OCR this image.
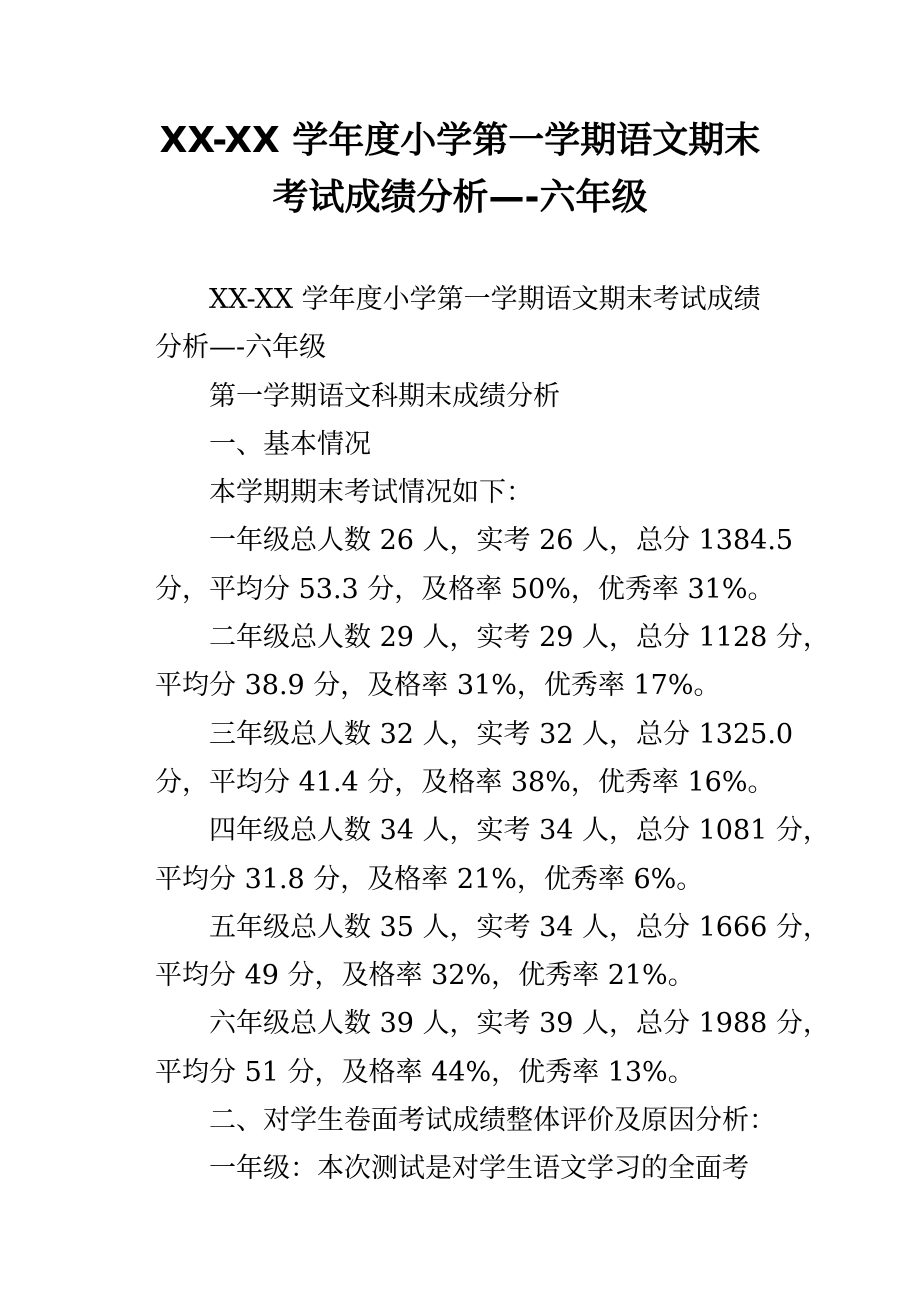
XX-XX 学年度小学第一学期语文期末
考试成绩分析—-六年级
XX-XX 学年度小学第一学期语文期末考试成绩
分析—-六年级
第一学期语文科期末成绩分析
一、基本情况
本学期期末考试情况如下：
一年级总人数 26 人，实考 26 人，总分 1384.5
分，平均分 53.3 分，及格率 50%，优秀率 31%。
二年级总人数 29 人，实考 29 人，总分 1128 分，
平均分 38.9 分，及格率 31%，优秀率 17%。
三年级总人数 32 人，实考 32 人，总分 1325.0
分，平均分 41.4 分，及格率 38%，优秀率 16%。
四年级总人数 34 人，实考 34 人，总分 1081 分，
平均分 31.8 分，及格率 21%，优秀率 6%。
五年级总人数 35 人，实考 34 人，总分 1666 分，
平均分 49 分，及格率 32%，优秀率 21%。
六年级总人数 39 人，实考 39 人，总分 1988 分，
平均分 51 分，及格率 44%，优秀率 13%。
二、对学生卷面考试成绩整体评价及原因分析：
一年级：本次测试是对学生语文学习的全面考
